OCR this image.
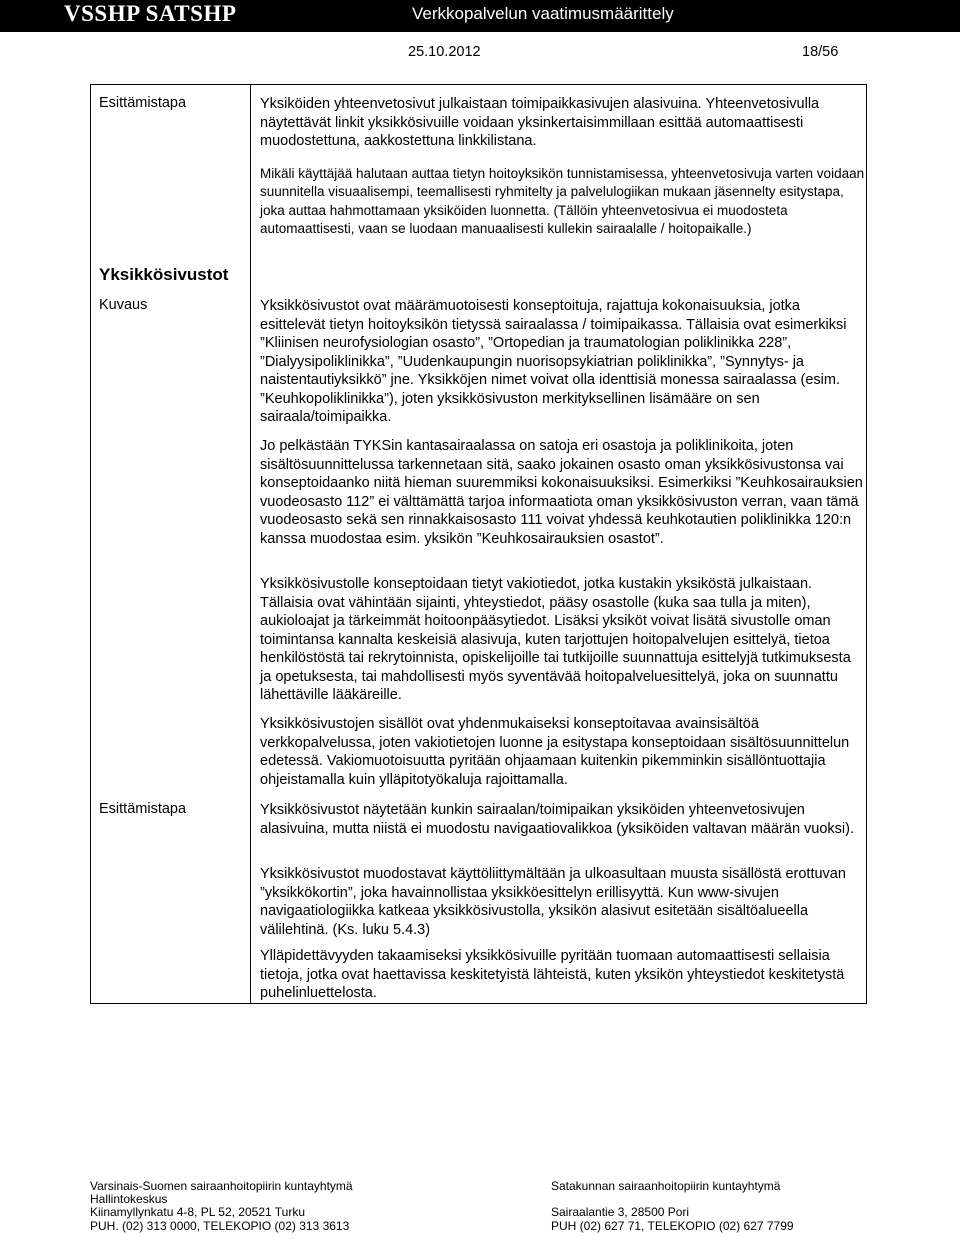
VSSHP SATSHP	Verkkopalvelun vaatimusmäärittely
25.10.2012	18/56
Esittämistapa	Yksiköiden yhteenvetosivut julkaistaan toimipaikkasivujen alasivuina. Yhteenvetosivulla näytettävät linkit yksikkösivuille voidaan yksinkertaisimmillaan esittää automaattisesti muodostettuna, aakkostettuna linkkilistana.

Mikäli käyttäjää halutaan auttaa tietyn hoitoyksikön tunnistamisessa, yhteenvetosivuja varten voidaan suunnitella visuaalisempi, teemallisesti ryhmitelty ja palvelulogiikan mukaan jäsennelty esitystapa, joka auttaa hahmottamaan yksiköiden luonnetta. (Tällöin yhteenvetosivua ei muodosteta automaattisesti, vaan se luodaan manuaalisesti kullekin sairaalalle / hoitopaikalle.)

Yksikkösivustot
Kuvaus	Yksikkösivustot ovat määrämuotoisesti konseptoituja, rajattuja kokonaisuuksia, jotka esittelevät tietyn hoitoyksikön tietyssä sairaalassa / toimipaikassa. Tällaisia ovat esimerkiksi ”Kliinisen neurofysiologian osasto”, ”Ortopedian ja traumatologian poliklinikka 228”, ”Dialyysipoliklinikka”, ”Uudenkaupungin nuorisopsykiatrian poliklinikka”, ”Synnytys- ja naistentautiyksikkö” jne. Yksikköjen nimet voivat olla identtisiä monessa sairaalassa (esim. ”Keuhkopoliklinikka”), joten yksikkösivuston merkityksellinen lisämääre on sen sairaala/toimipaikka.

Jo pelkästään TYKSin kantasairaalassa on satoja eri osastoja ja poliklinikoita, joten sisältösuunnittelussa tarkennetaan sitä, saako jokainen osasto oman yksikkösivustonsa vai konseptoidaanko niitä hieman suuremmiksi kokonaisuuksiksi. Esimerkiksi ”Keuhkosairauksien vuodeosasto 112” ei välttämättä tarjoa informaatiota oman yksikkösivuston verran, vaan tämä vuodeosasto sekä sen rinnakkaisosasto 111 voivat yhdessä keuhkotautien poliklinikka 120:n kanssa muodostaa esim. yksikön ”Keuhkosairauksien osastot”.

Yksikkösivustolle konseptoidaan tietyt vakiotiedot, jotka kustakin yksiköstä julkaistaan. Tällaisia ovat vähintään sijainti, yhteystiedot, pääsy osastolle (kuka saa tulla ja miten), aukioloajat ja tärkeimmät hoitoonpääsytiedot. Lisäksi yksiköt voivat lisätä sivustolle oman toimintansa kannalta keskeisiä alasivuja, kuten tarjottujen hoitopalvelujen esittelyä, tietoa henkilöstöstä tai rekrytoinnista, opiskelijoille tai tutkijoille suunnattuja esittelyjä tutkimuksesta ja opetuksesta, tai mahdollisesti myös syventävää hoitopalveluesittelyä, joka on suunnattu lähettäville lääkäreille.

Yksikkösivustojen sisällöt ovat yhdenmukaiseksi konseptoitavaa avainsisältöä verkkopalvelussa, joten vakiotietojen luonne ja esitystapa konseptoidaan sisältösuunnittelun edetessä. Vakiomuotoisuutta pyritään ohjaamaan kuitenkin pikemminkin sisällöntuottajia ohjeistamalla kuin ylläpitotyökaluja rajoittamalla.

Esittämistapa	Yksikkösivustot näytetään kunkin sairaalan/toimipaikan yksiköiden yhteenvetosivujen alasivuina, mutta niistä ei muodostu navigaatiovalikkoa (yksiköiden valtavan määrän vuoksi).

Yksikkösivustot muodostavat käyttöliittymältään ja ulkoasultaan muusta sisällöstä erottuvan ”yksikkökortin”, joka havainnollistaa yksikköesittelyn erillisyyttä. Kun www-sivujen navigaatiologiikka katkeaa yksikkösivustolla, yksikön alasivut esitetään sisältöalueella välilehtinä. (Ks. luku 5.4.3)

Ylläpidettävyyden takaamiseksi yksikkösivuille pyritään tuomaan automaattisesti sellaisia tietoja, jotka ovat haettavissa keskitetyistä lähteistä, kuten yksikön yhteystiedot keskitetystä puhelinluettelosta.

Varsinais-Suomen sairaanhoitopiirin kuntayhtymä
Hallintokeskus
Kiinamyllynkatu 4-8, PL 52, 20521 Turku
PUH. (02) 313 0000, TELEKOPIO (02) 313 3613
Satakunnan sairaanhoitopiirin kuntayhtymä

Sairaalantie 3, 28500 Pori
PUH (02) 627 71, TELEKOPIO (02) 627 7799
